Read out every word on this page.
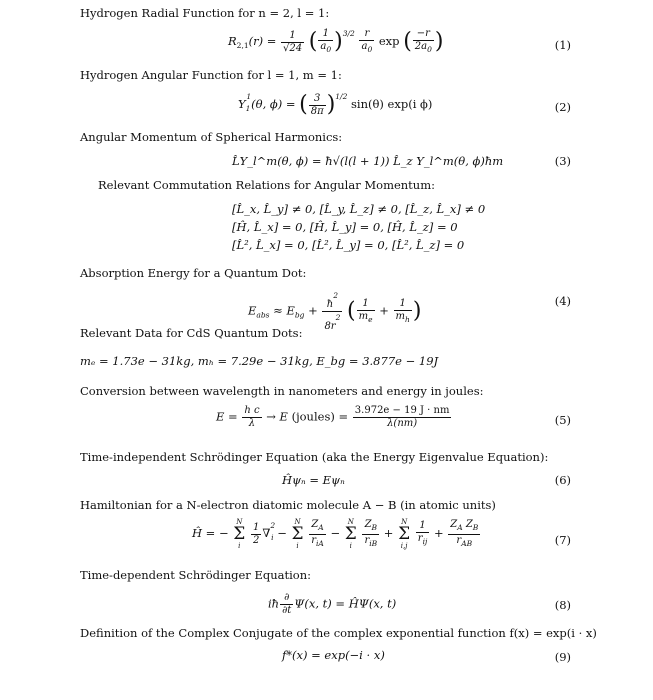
Hydrogen Radial Function for n = 2, l = 1:
Hydrogen Angular Function for l = 1, m = 1:
Angular Momentum of Spherical Harmonics:
Relevant Commutation Relations for Angular Momentum:
Absorption Energy for a Quantum Dot:
Relevant Data for CdS Quantum Dots:
Conversion between wavelength in nanometers and energy in joules:
Time-independent Schrödinger Equation (aka the Energy Eigenvalue Equation):
Hamiltonian for a N-electron diatomic molecule A − B (in atomic units)
Time-dependent Schrödinger Equation:
Definition of the Complex Conjugate of the complex exponential function f(x) = exp(i · x)
$R_{2,1}(r) = \frac{1}{√24}$ ( $\frac{1}{a_0} )^{3/2} \frac{r}{a_0}$ exp ( $\frac{-r}{2a_0}$ )
$Y_1^1(\theta$, ϕ) = ( $\frac{3}{8\pi} )^{1/2}$ sin(θ) exp(i ϕ)
L̂Y_l^m(θ, ϕ) = ħ√(l(l + 1)) L̂_z Y_l^m(θ, ϕ)ħm
[L̂_x, L̂_y] ≠ 0, [L̂_y, L̂_z] ≠ 0, [L̂_z, L̂_x] ≠ 0
[Ĥ, L̂_x] = 0, [Ĥ, L̂_y] = 0, [Ĥ, L̂_z] = 0
[L̂², L̂_x] = 0, [L̂², L̂_y] = 0, [L̂², L̂_z] = 0
$E_{abs} \approx E_{bg} + \frac{ħ^2}{8r^2}$ ( $\frac{1}{m_e} + \frac{1}{m_h}$ )
mₑ = 1.73e − 31kg, mₕ = 7.29e − 31kg, E_bg = 3.877e − 19J
$E = \frac{\text{h c}}{\lambda} \to E$ (joules) = $\frac{3.972e - 19 J \cdot nm}{\lambda(nm)}$
Ĥψₙ = Eψₙ
Ĥ = − N
Σ
i $\frac{1}{2} \nabla^2_i - N$
Σ
i $\frac{Z_A}{r_{iA}} - N$
Σ
i $\frac{Z_B}{r_{iB}} + N$
Σ
$i,j \frac{1}{r_{ij}} + \frac{Z_A Z_B}{r_{AB}}$
iħ $\frac{\partial}{\partial t} \Psi(x$, t) = ĤΨ(x, t)
f*(x) = exp(−i · x)
(1)
(2)
(3)
(4)
(5)
(6)
(7)
(8)
(9)
